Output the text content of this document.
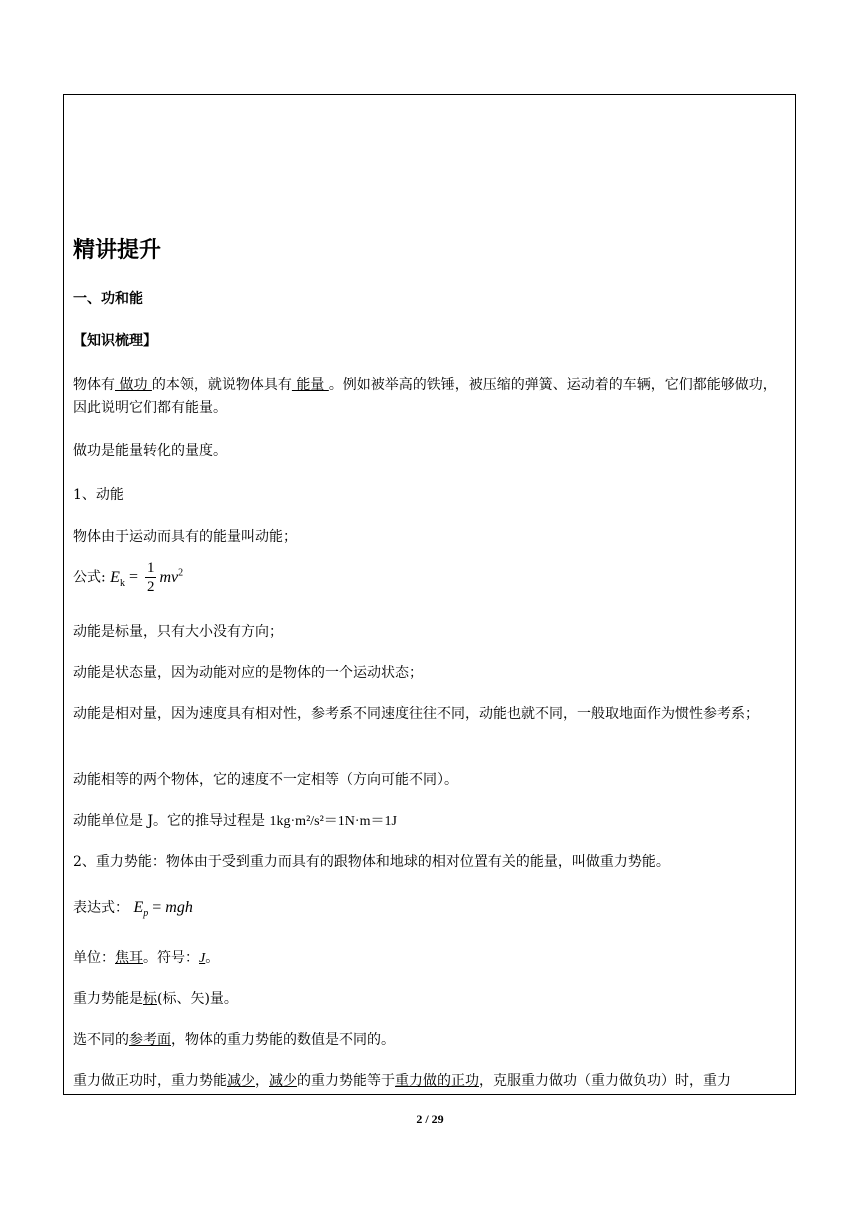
精讲提升
一、功和能
【知识梳理】
物体有 做功 的本领，就说物体具有 能量 。例如被举高的铁锤，被压缩的弹簧、运动着的车辆，它们都能够做功，因此说明它们都有能量。
做功是能量转化的量度。
1、动能
物体由于运动而具有的能量叫动能；
公式: $E_k = \frac{1}{2} mv^2$
动能是标量，只有大小没有方向；
动能是状态量，因为动能对应的是物体的一个运动状态；
动能是相对量，因为速度具有相对性，参考系不同速度往往不同，动能也就不同，一般取地面作为惯性参考系；
动能相等的两个物体，它的速度不一定相等（方向可能不同）。
动能单位是 J。它的推导过程是 1kg·m²/s²＝1N·m＝1J
2、重力势能：物体由于受到重力而具有的跟物体和地球的相对位置有关的能量，叫做重力势能。
表达式： $E_p$ = mgh
单位：焦耳。符号：J。
重力势能是标(标、矢)量。
选不同的参考面，物体的重力势能的数值是不同的。
重力做正功时，重力势能减少，减少的重力势能等于重力做的正功，克服重力做功（重力做负功）时，重力
2 / 29
